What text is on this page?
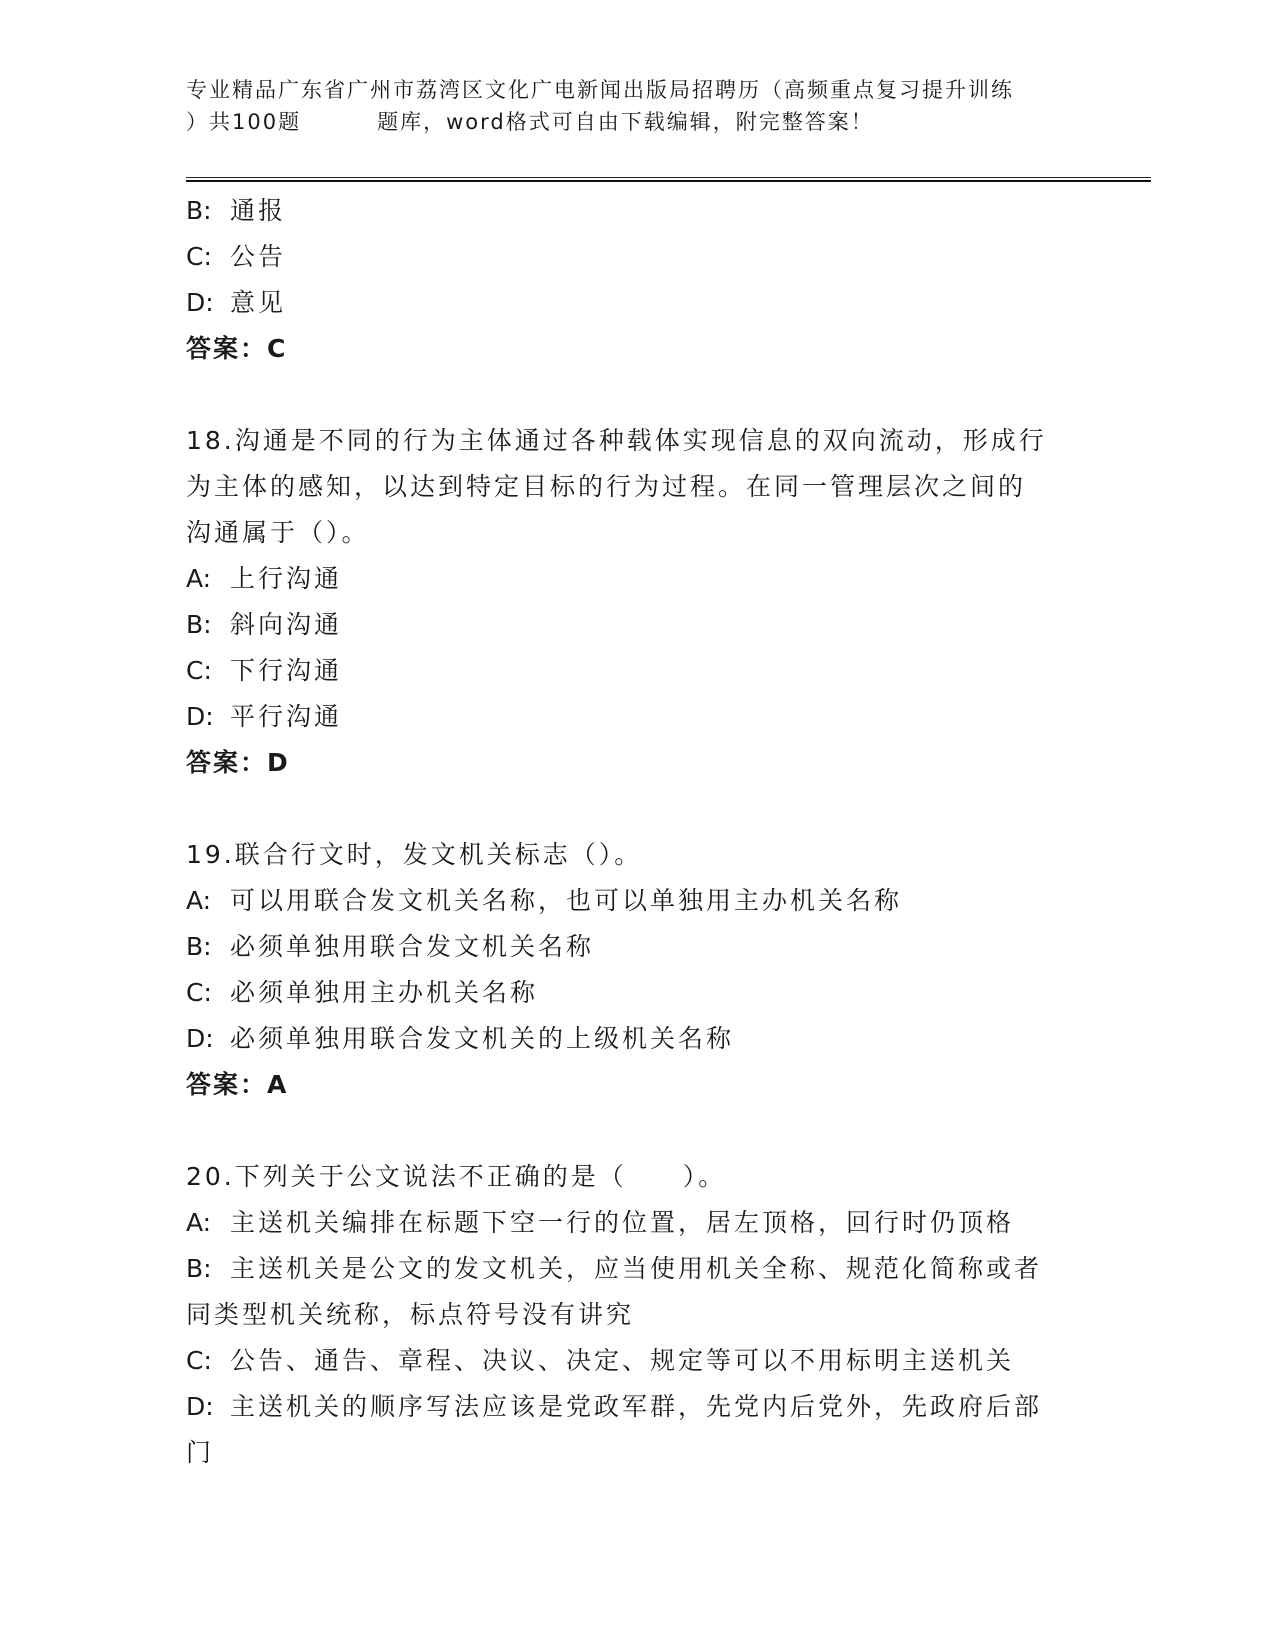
专业精品广东省广州市荔湾区文化广电新闻出版局招聘历（高频重点复习提升训练
）共100题	题库，word格式可自由下载编辑，附完整答案！
B: 通报
C: 公告
D: 意见
答案：C
18.沟通是不同的行为主体通过各种载体实现信息的双向流动，形成行
为主体的感知，以达到特定目标的行为过程。在同一管理层次之间的
沟通属于（）。
A: 上行沟通
B: 斜向沟通
C: 下行沟通
D: 平行沟通
答案：D
19.联合行文时，发文机关标志（）。
A: 可以用联合发文机关名称，也可以单独用主办机关名称
B: 必须单独用联合发文机关名称
C: 必须单独用主办机关名称
D: 必须单独用联合发文机关的上级机关名称
答案：A
20.下列关于公文说法不正确的是（　　）。
A: 主送机关编排在标题下空一行的位置，居左顶格，回行时仍顶格
B: 主送机关是公文的发文机关，应当使用机关全称、规范化简称或者
同类型机关统称，标点符号没有讲究
C: 公告、通告、章程、决议、决定、规定等可以不用标明主送机关
D: 主送机关的顺序写法应该是党政军群，先党内后党外，先政府后部
门
